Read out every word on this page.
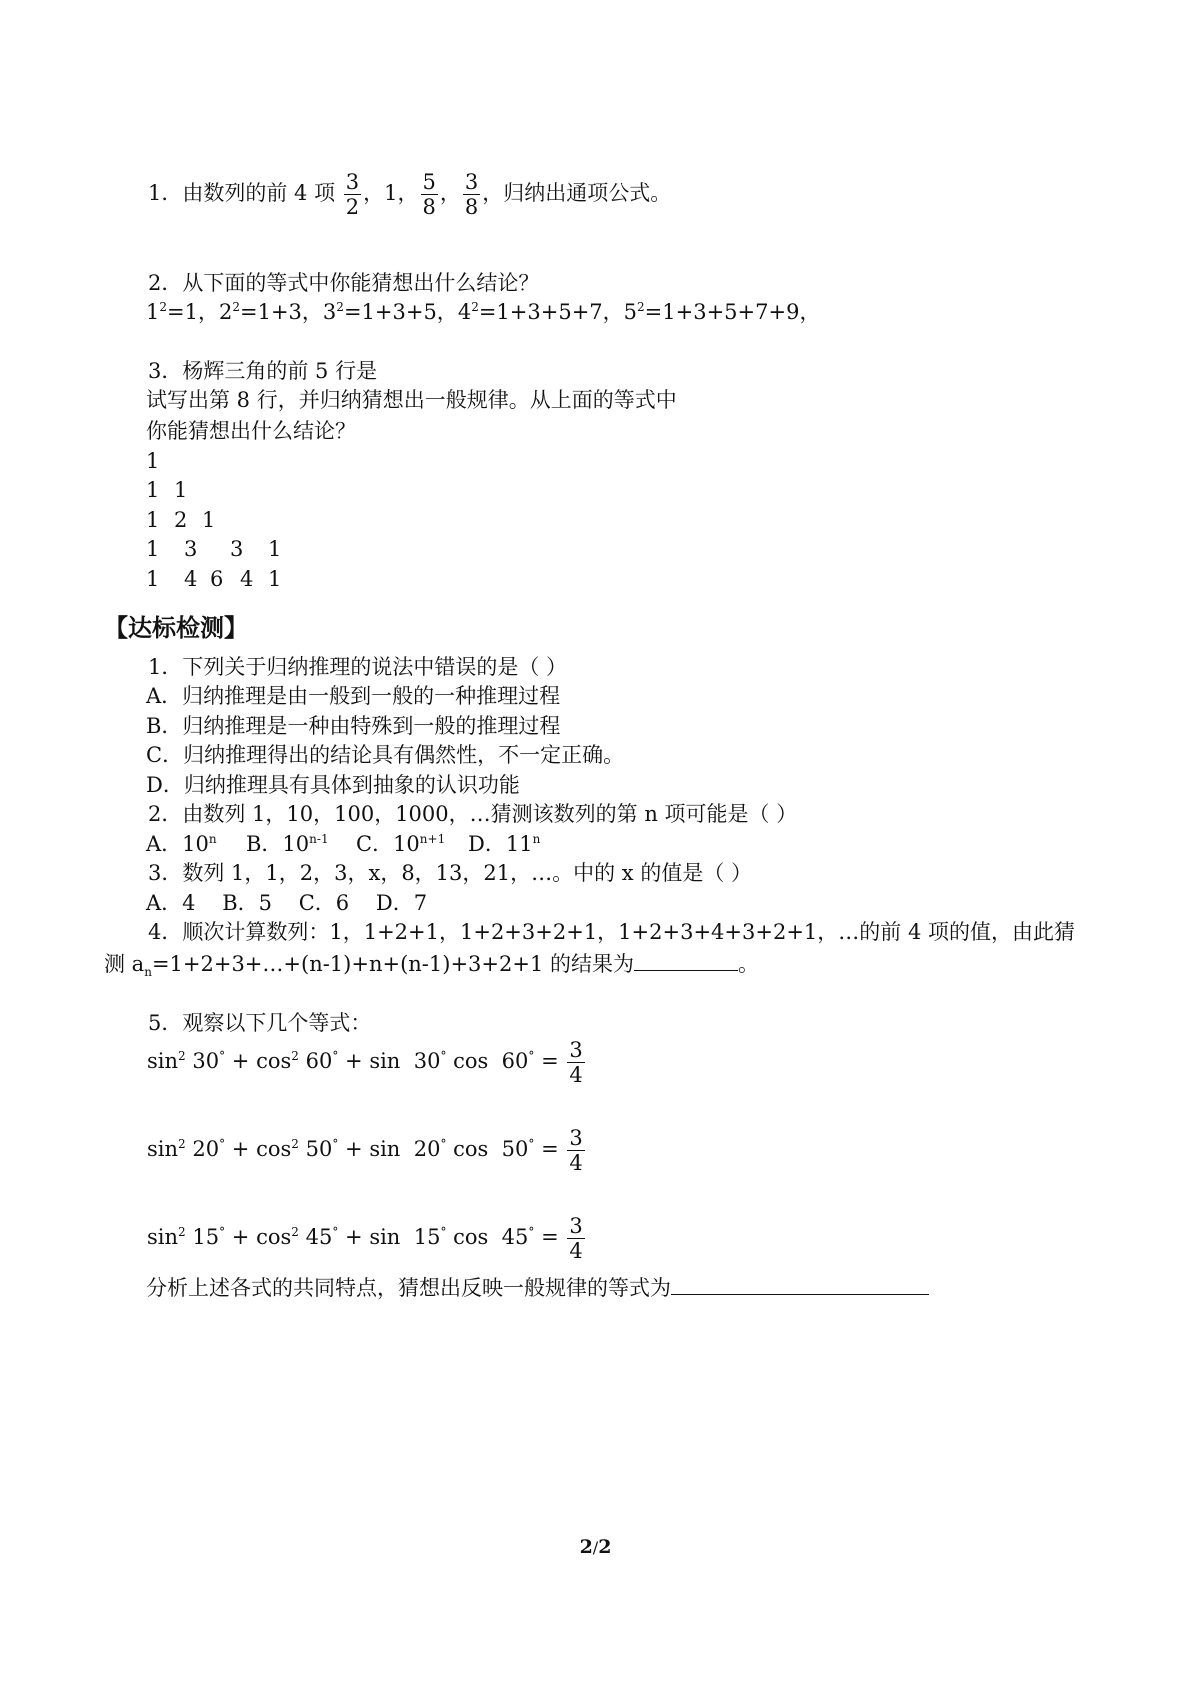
1．由数列的前 4 项 $\frac{3}{2}$ ，1， $\frac{5}{8}$ ， $\frac{3}{8}$ ，归纳出通项公式。
2．从下面的等式中你能猜想出什么结论？
$1^2=1$，$2^2=1+3$，$3^2=1+3+5$，$4^2=1+3+5+7$，$5^2=1+3+5+7+9$，
3．杨辉三角的前 5 行是
试写出第 8 行，并归纳猜想出一般规律。从上面的等式中
你能猜想出什么结论？
1
1 1
1 2 1
1 3 3 1
1 4 6 4 1
【达标检测】
1．下列关于归纳推理的说法中错误的是（ ）
A．归纳推理是由一般到一般的一种推理过程
B．归纳推理是一种由特殊到一般的推理过程
C．归纳推理得出的结论具有偶然性，不一定正确。
D．归纳推理具有具体到抽象的认识功能
2．由数列 1，10，100，1000，…猜测该数列的第 n 项可能是（ ）
A．10$^n$ B．10$^{n-1}$ C．$10^{n+1}$ D．11$^n$
3．数列 1，1，2，3，x，8，13，21，…。中的 x 的值是（ ）
A．4    B．5    C．6    D．7
4．顺次计算数列：1，1+2+1，1+2+3+2+1，1+2+3+4+3+2+1，…的前 4 项的值，由此猜
测 $a_n=1+2+3+\dots+(n-1)+n+(n-1)+3+2+1$ 的结果为	。
5．观察以下几个等式：
$\sin^2 30^\circ + \cos^2 60^\circ + \sin 30^\circ$ $\cos 60^\circ = \frac{3}{4}$
$\sin^2 20^\circ + \cos^2 50^\circ + \sin 20^\circ$ $\cos 50^\circ = \frac{3}{4}$
$\sin^2 15^\circ + \cos^2 45^\circ + \sin 15^\circ$ $\cos 45^\circ = \frac{3}{4}$
分析上述各式的共同特点，猜想出反映一般规律的等式为
2/2
